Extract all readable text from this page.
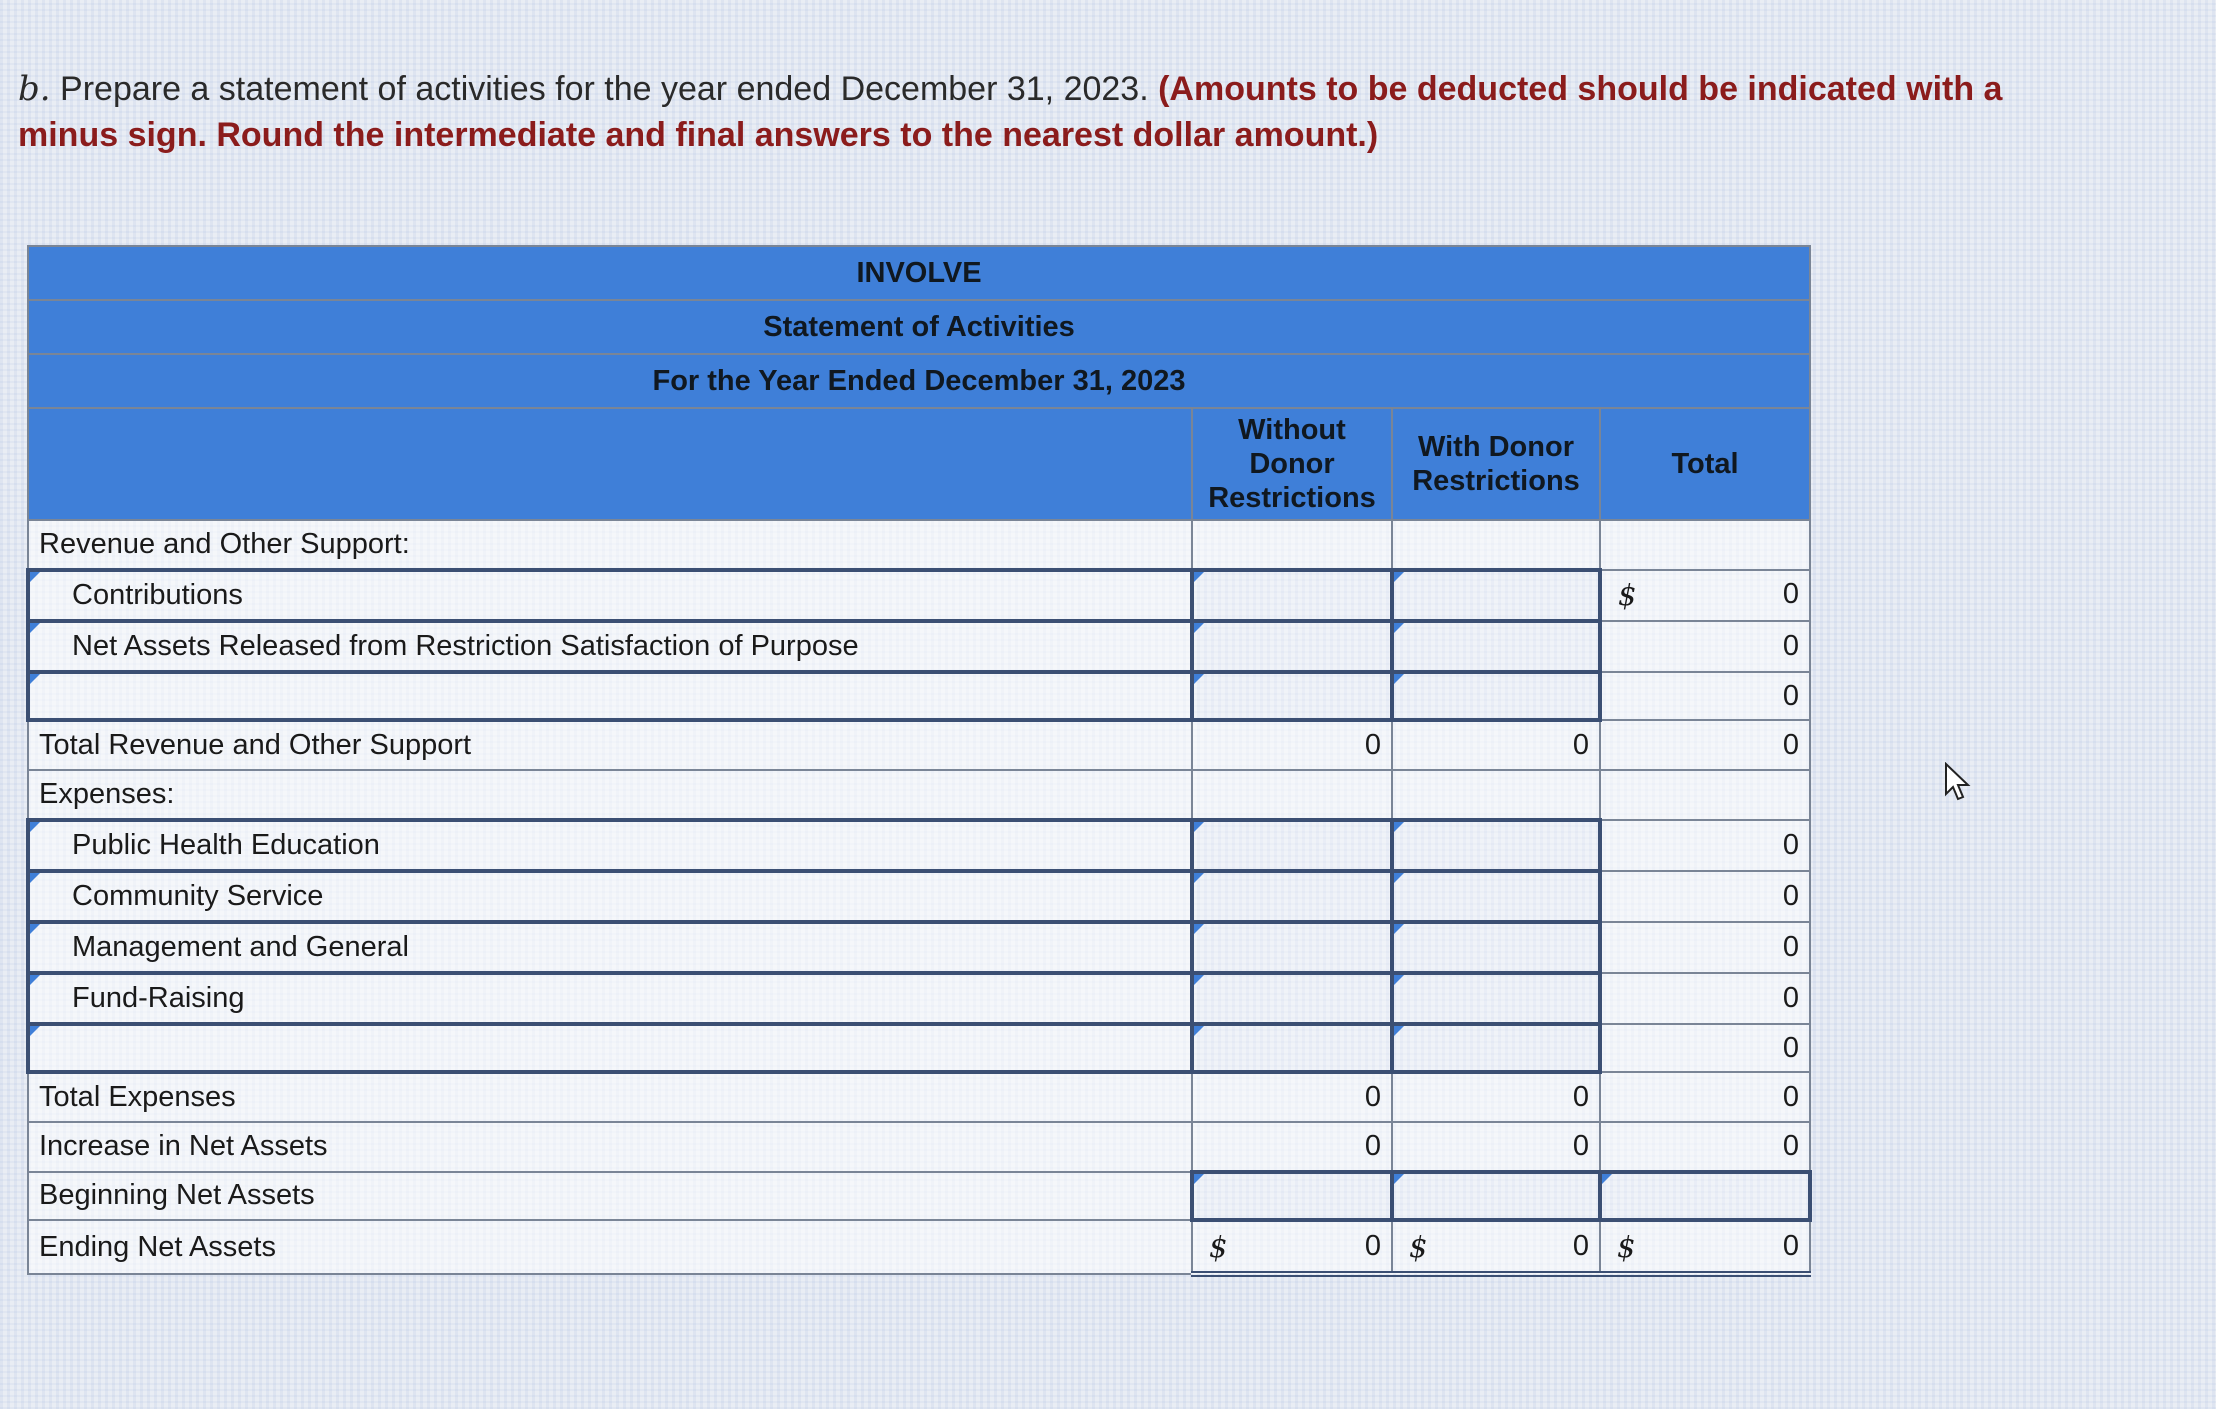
b. Prepare a statement of activities for the year ended December 31, 2023. (Amounts to be deducted should be indicated with a minus sign. Round the intermediate and final answers to the nearest dollar amount.)
INVOLVE			
Statement of Activities			
For the Year Ended December 31, 2023			
	Without Donor Restrictions	With Donor Restrictions	Total
Revenue and Other Support:			
Contributions			$ 0
Net Assets Released from Restriction Satisfaction of Purpose			0
			0
Total Revenue and Other Support	0	0	0
Expenses:			
Public Health Education			0
Community Service			0
Management and General			0
Fund-Raising			0
			0
Total Expenses	0	0	0
Increase in Net Assets	0	0	0
Beginning Net Assets			
Ending Net Assets	$ 0	$ 0	$ 0
